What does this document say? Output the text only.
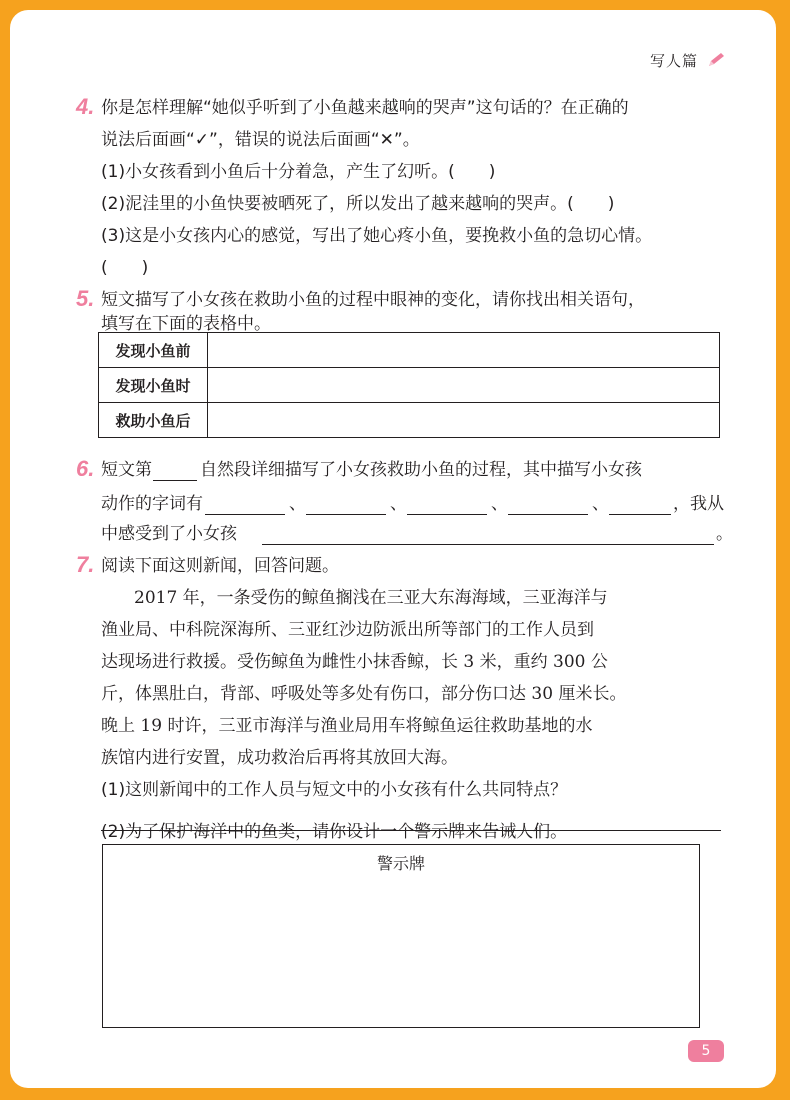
写人篇
4. 你是怎样理解“她似乎听到了小鱼越来越响的哭声”这句话的？在正确的
说法后面画“✓”，错误的说法后面画“✕”。
(1)小女孩看到小鱼后十分着急，产生了幻听。(　　)
(2)泥洼里的小鱼快要被晒死了，所以发出了越来越响的哭声。(　　)
(3)这是小女孩内心的感觉，写出了她心疼小鱼，要挽救小鱼的急切心情。
(　　)
5. 短文描写了小女孩在救助小鱼的过程中眼神的变化，请你找出相关语句，
填写在下面的表格中。
发现小鱼前	
发现小鱼时	
救助小鱼后	
6. 短文第	自然段详细描写了小女孩救助小鱼的过程，其中描写小女孩
动作的字词有	、	、	、	、	，我从
中感受到了小女孩	。
7. 阅读下面这则新闻，回答问题。
2017 年，一条受伤的鲸鱼搁浅在三亚大东海海域，三亚海洋与
渔业局、中科院深海所、三亚红沙边防派出所等部门的工作人员到
达现场进行救援。受伤鲸鱼为雌性小抹香鲸，长 3 米，重约 300 公
斤，体黑肚白，背部、呼吸处等多处有伤口，部分伤口达 30 厘米长。
晚上 19 时许，三亚市海洋与渔业局用车将鲸鱼运往救助基地的水
族馆内进行安置，成功救治后再将其放回大海。
(1)这则新闻中的工作人员与短文中的小女孩有什么共同特点？
(2)为了保护海洋中的鱼类，请你设计一个警示牌来告诫人们。
警示牌
5
